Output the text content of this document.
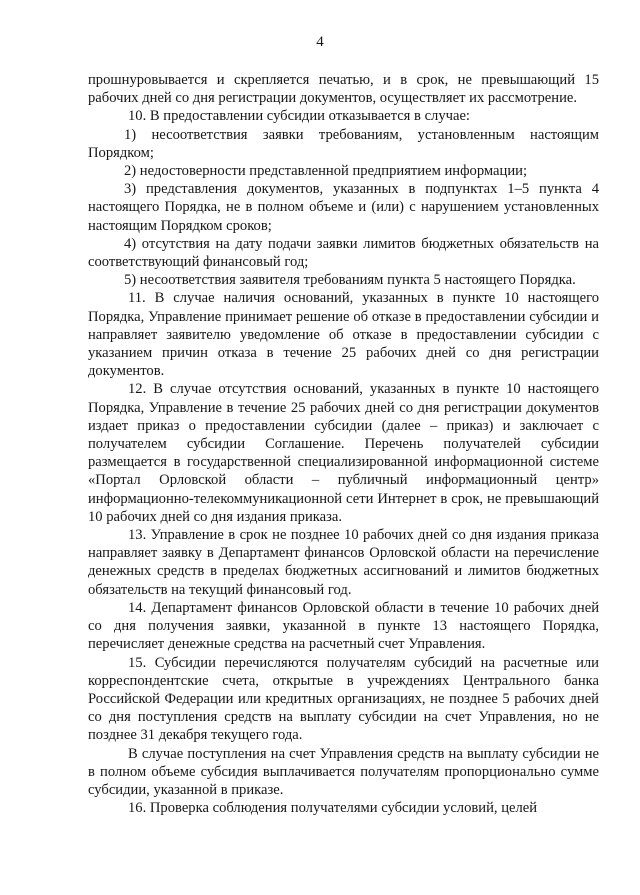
4

прошнуровывается и скрепляется печатью, и в срок, не превышающий 15 рабочих дней со дня регистрации документов, осуществляет их рассмотрение.

10. В предоставлении субсидии отказывается в случае:

1) несоответствия заявки требованиям, установленным настоящим Порядком;

2) недостоверности представленной предприятием информации;

3) представления документов, указанных в подпунктах 1–5 пункта 4 настоящего Порядка, не в полном объеме и (или) с нарушением установленных настоящим Порядком сроков;

4) отсутствия на дату подачи заявки лимитов бюджетных обязательств на соответствующий финансовый год;

5) несоответствия заявителя требованиям пункта 5 настоящего Порядка.

11. В случае наличия оснований, указанных в пункте 10 настоящего Порядка, Управление принимает решение об отказе в предоставлении субсидии и направляет заявителю уведомление об отказе в предоставлении субсидии с указанием причин отказа в течение 25 рабочих дней со дня регистрации документов.

12. В случае отсутствия оснований, указанных в пункте 10 настоящего Порядка, Управление в течение 25 рабочих дней со дня регистрации документов издает приказ о предоставлении субсидии (далее – приказ) и заключает с получателем субсидии Соглашение. Перечень получателей субсидии размещается в государственной специализированной информационной системе «Портал Орловской области – публичный информационный центр» информационно-телекоммуникационной сети Интернет в срок, не превышающий 10 рабочих дней со дня издания приказа.

13. Управление в срок не позднее 10 рабочих дней со дня издания приказа направляет заявку в Департамент финансов Орловской области на перечисление денежных средств в пределах бюджетных ассигнований и лимитов бюджетных обязательств на текущий финансовый год.

14. Департамент финансов Орловской области в течение 10 рабочих дней со дня получения заявки, указанной в пункте 13 настоящего Порядка, перечисляет денежные средства на расчетный счет Управления.

15. Субсидии перечисляются получателям субсидий на расчетные или корреспондентские счета, открытые в учреждениях Центрального банка Российской Федерации или кредитных организациях, не позднее 5 рабочих дней со дня поступления средств на выплату субсидии на счет Управления, но не позднее 31 декабря текущего года.

В случае поступления на счет Управления средств на выплату субсидии не в полном объеме субсидия выплачивается получателям пропорционально сумме субсидии, указанной в приказе.

16. Проверка соблюдения получателями субсидии условий, целей
